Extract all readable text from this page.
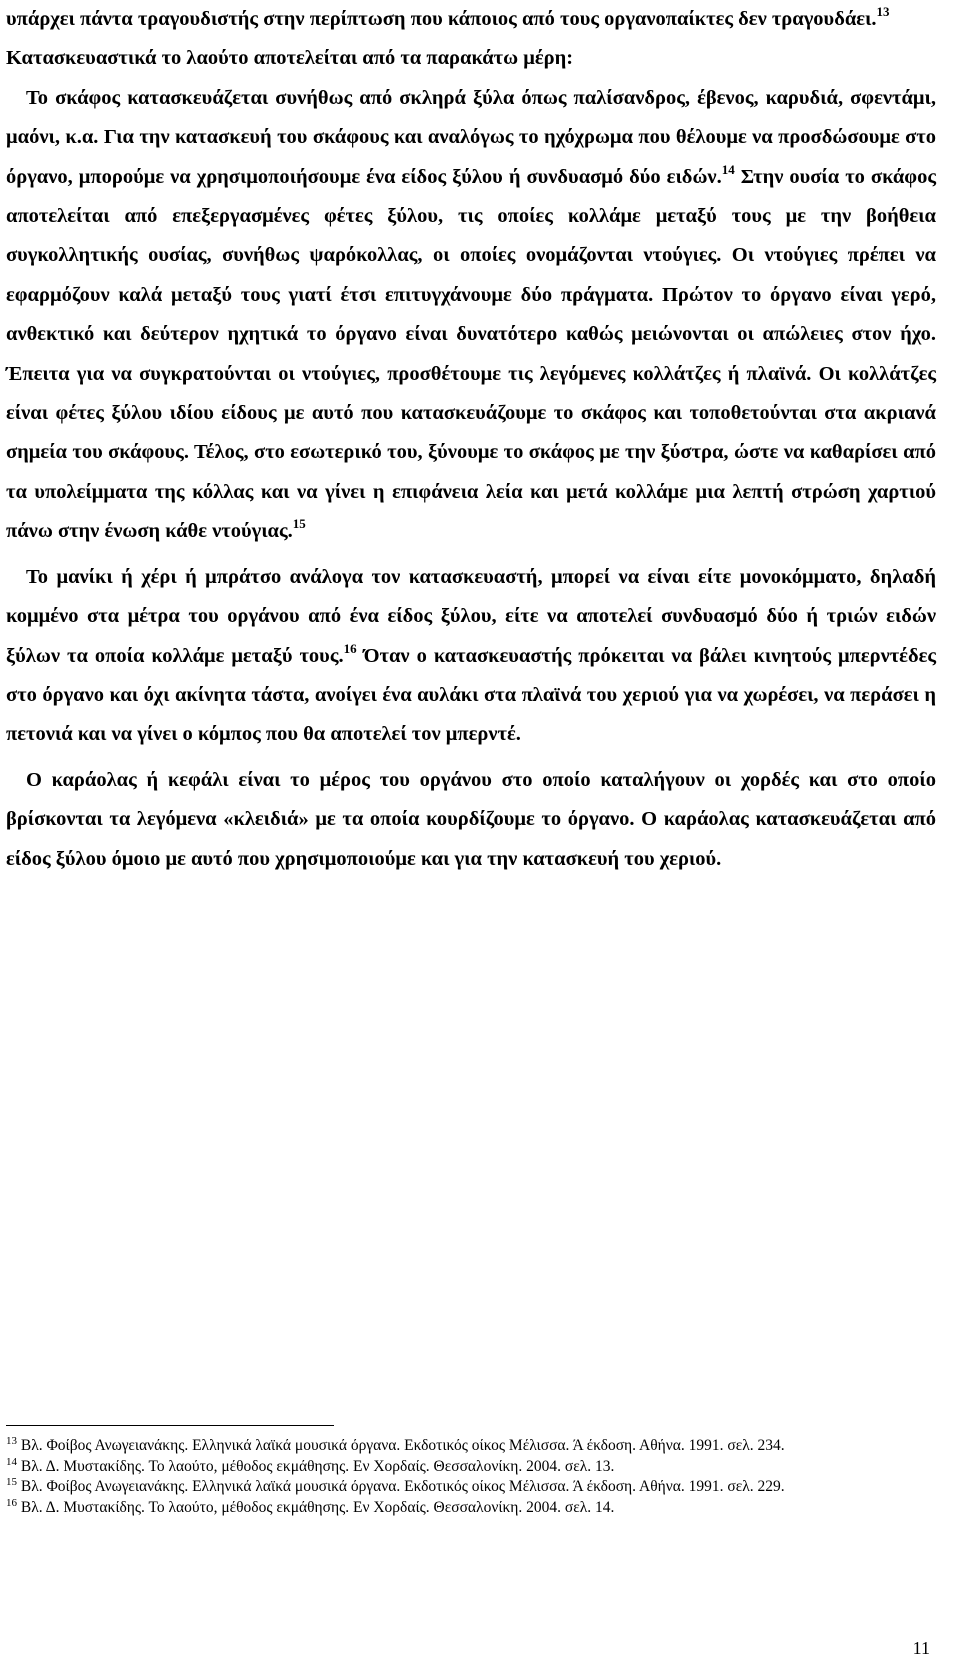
υπάρχει πάντα τραγουδιστής στην περίπτωση που κάποιος από τους οργανοπαίκτες δεν τραγουδάει.$^{13}$

Κατασκευαστικά το λαούτο αποτελείται από τα παρακάτω μέρη:

Το σκάφος κατασκευάζεται συνήθως από σκληρά ξύλα όπως παλίσανδρος, έβενος, καρυδιά, σφεντάμι, μαόνι, κ.α. Για την κατασκευή του σκάφους και αναλόγως το ηχόχρωμα που θέλουμε να προσδώσουμε στο όργανο, μπορούμε να χρησιμοποιήσουμε ένα είδος ξύλου ή συνδυασμό δύο ειδών.$^{14}$ Στην ουσία το σκάφος αποτελείται από επεξεργασμένες φέτες ξύλου, τις οποίες κολλάμε μεταξύ τους με την βοήθεια συγκολλητικής ουσίας, συνήθως ψαρόκολλας, οι οποίες ονομάζονται ντούγιες. Οι ντούγιες πρέπει να εφαρμόζουν καλά μεταξύ τους γιατί έτσι επιτυγχάνουμε δύο πράγματα. Πρώτον το όργανο είναι γερό, ανθεκτικό και δεύτερον ηχητικά το όργανο είναι δυνατότερο καθώς μειώνονται οι απώλειες στον ήχο. Έπειτα για να συγκρατούνται οι ντούγιες, προσθέτουμε τις λεγόμενες κολλάτζες ή πλαϊνά. Οι κολλάτζες είναι φέτες ξύλου ιδίου είδους με αυτό που κατασκευάζουμε το σκάφος και τοποθετούνται στα ακριανά σημεία του σκάφους. Τέλος, στο εσωτερικό του, ξύνουμε το σκάφος με την ξύστρα, ώστε να καθαρίσει από τα υπολείμματα της κόλλας και να γίνει η επιφάνεια λεία και μετά κολλάμε μια λεπτή στρώση χαρτιού πάνω στην ένωση κάθε ντούγιας.$^{15}$

Το μανίκι ή χέρι ή μπράτσο ανάλογα τον κατασκευαστή, μπορεί να είναι είτε μονοκόμματο, δηλαδή κομμένο στα μέτρα του οργάνου από ένα είδος ξύλου, είτε να αποτελεί συνδυασμό δύο ή τριών ειδών ξύλων τα οποία κολλάμε μεταξύ τους.$^{16}$ Όταν ο κατασκευαστής πρόκειται να βάλει κινητούς μπερντέδες στο όργανο και όχι ακίνητα τάστα, ανοίγει ένα αυλάκι στα πλαϊνά του χεριού για να χωρέσει, να περάσει η πετονιά και να γίνει ο κόμπος που θα αποτελεί τον μπερντέ.

Ο καράολας ή κεφάλι είναι το μέρος του οργάνου στο οποίο καταλήγουν οι χορδές και στο οποίο βρίσκονται τα λεγόμενα «κλειδιά» με τα οποία κουρδίζουμε το όργανο. Ο καράολας κατασκευάζεται από είδος ξύλου όμοιο με αυτό που χρησιμοποιούμε και για την κατασκευή του χεριού.

$^{13}$ Βλ. Φοίβος Ανωγειανάκης. Ελληνικά λαϊκά μουσικά όργανα. Εκδοτικός οίκος Μέλισσα. Ά έκδοση. Αθήνα. 1991. σελ. 234.

$^{14}$ Βλ. Δ. Μυστακίδης. Το λαούτο, μέθοδος εκμάθησης. Εν Χορδαίς. Θεσσαλονίκη. 2004. σελ. 13.

$^{15}$ Βλ. Φοίβος Ανωγειανάκης. Ελληνικά λαϊκά μουσικά όργανα. Εκδοτικός οίκος Μέλισσα. Ά έκδοση. Αθήνα. 1991. σελ. 229.

$^{16}$ Βλ. Δ. Μυστακίδης. Το λαούτο, μέθοδος εκμάθησης. Εν Χορδαίς. Θεσσαλονίκη. 2004. σελ. 14.

11
